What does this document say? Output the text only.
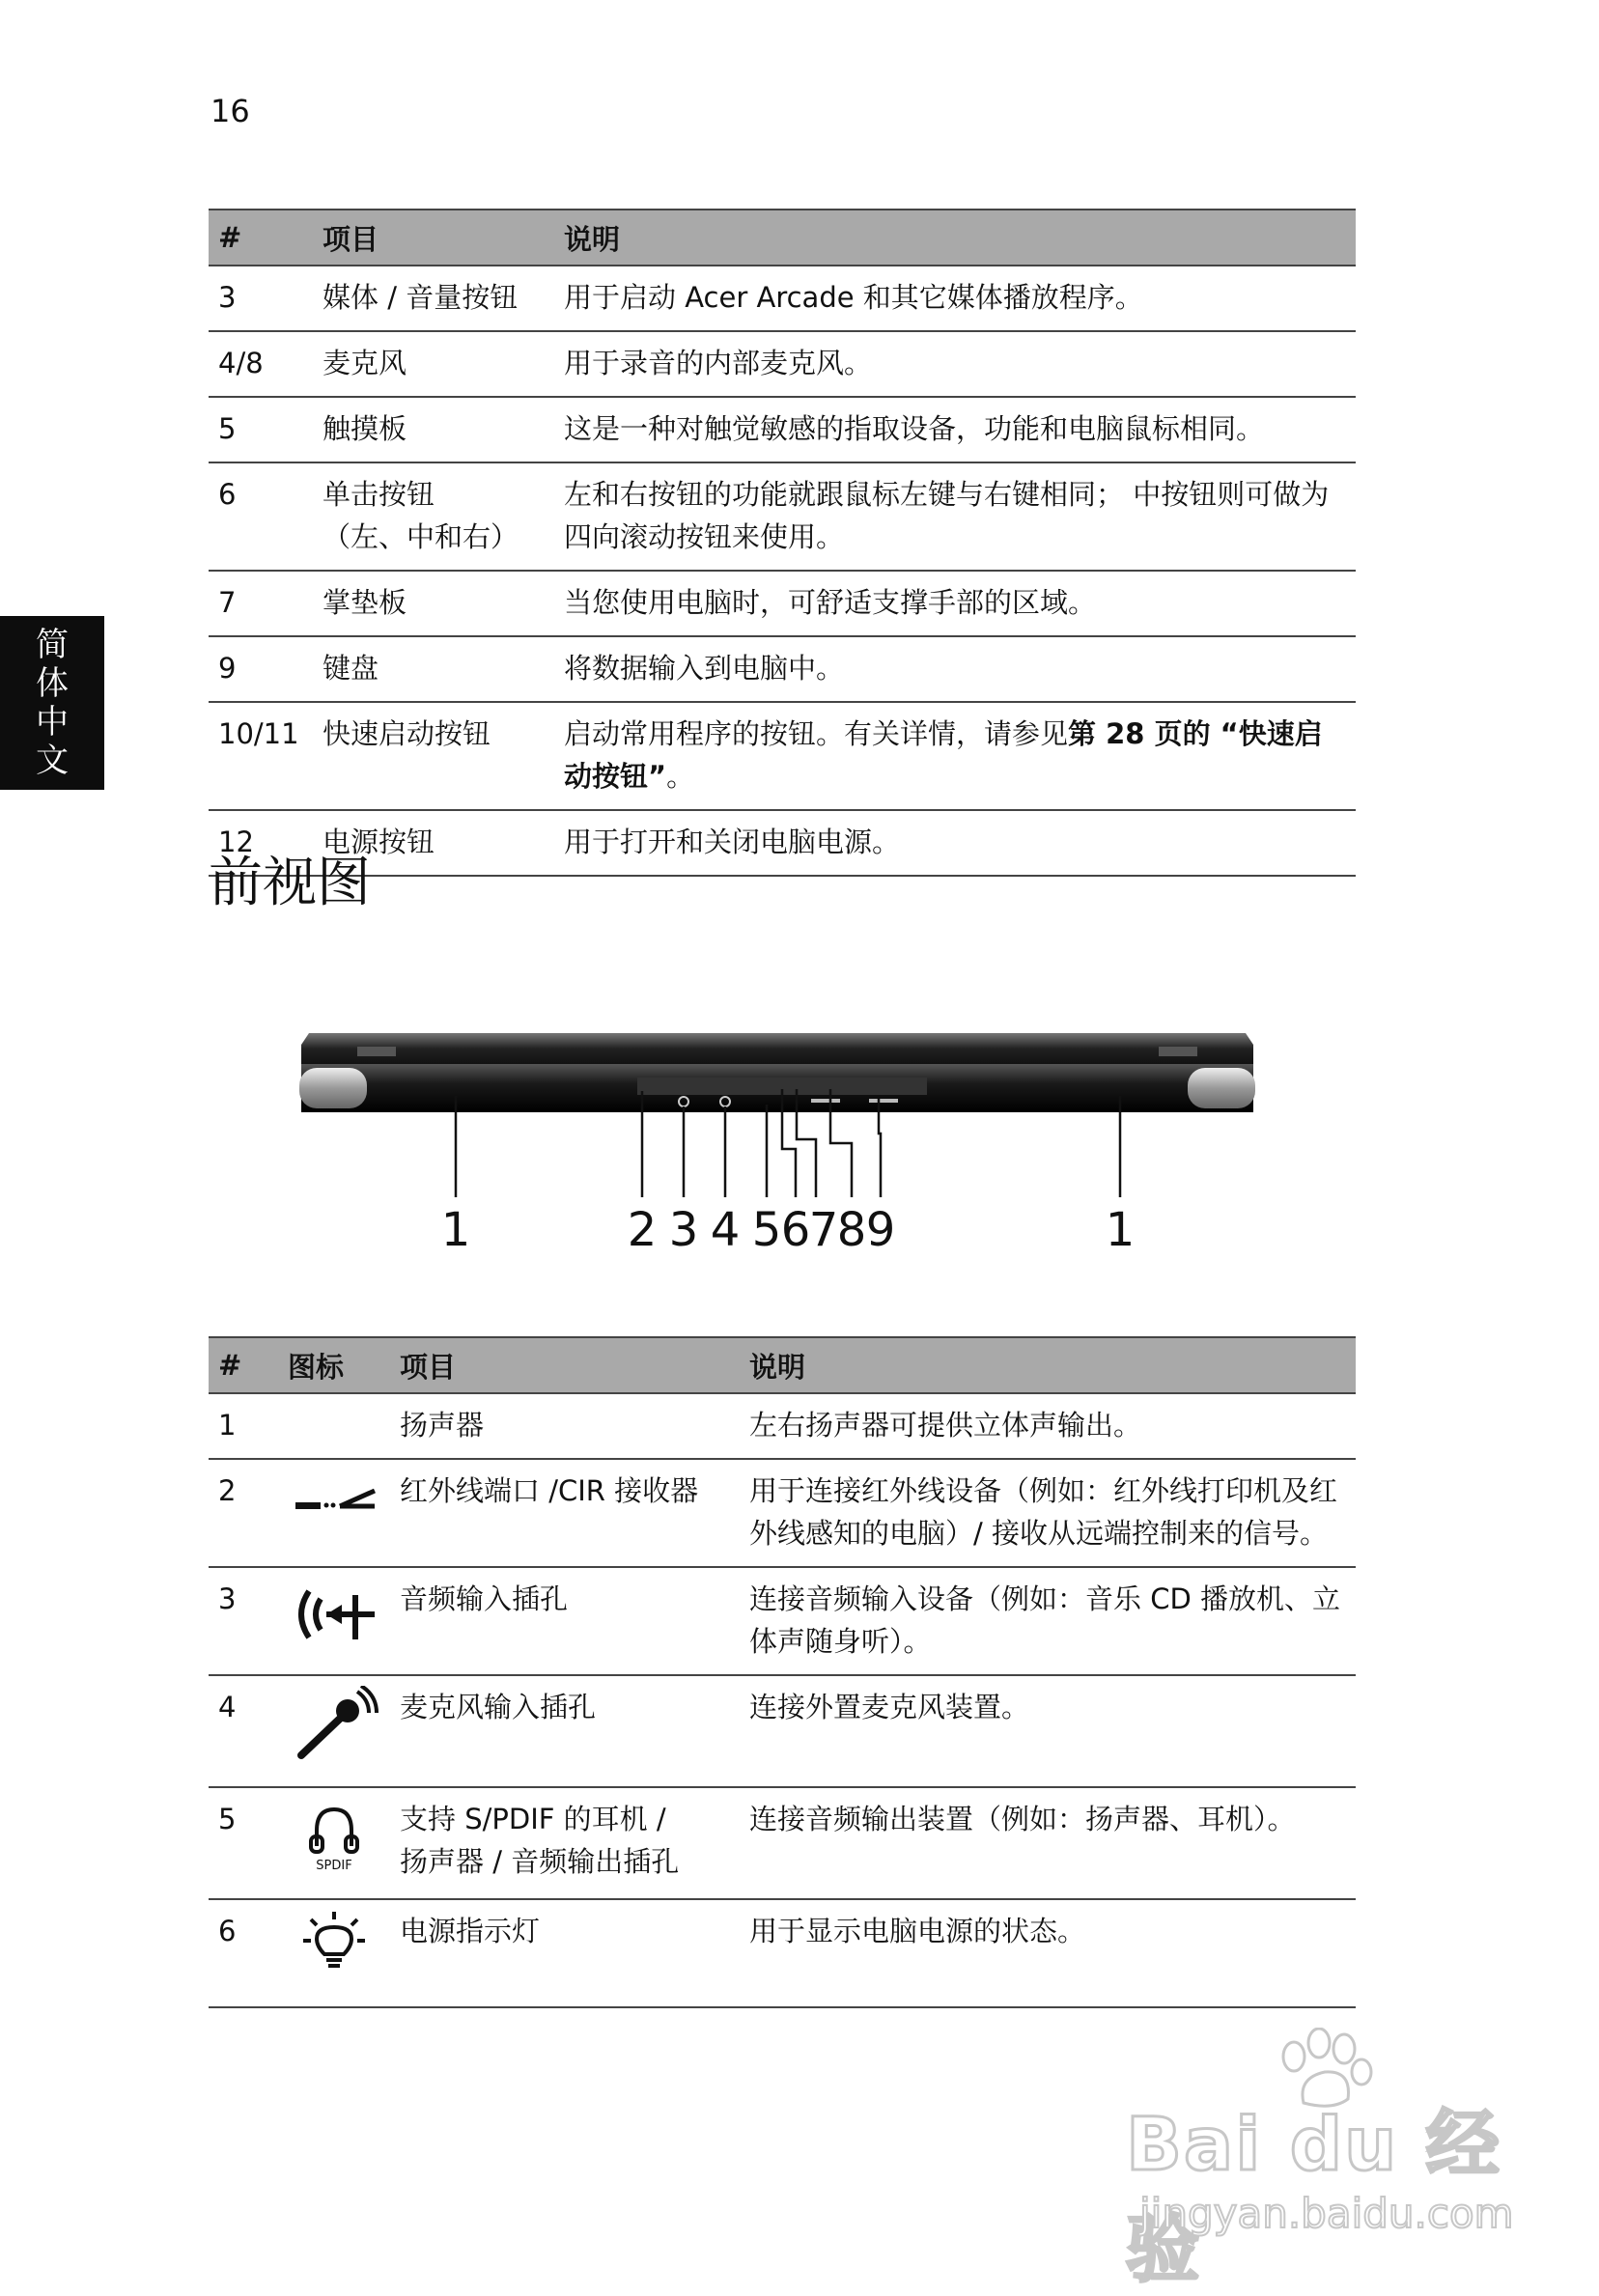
16
简
体
中
文
#	项目	说明
3	媒体 / 音量按钮	用于启动 Acer Arcade 和其它媒体播放程序。
4/8	麦克风	用于录音的内部麦克风。
5	触摸板	这是一种对触觉敏感的指取设备，功能和电脑鼠标相同。
6	单击按钮
（左、中和右）	左和右按钮的功能就跟鼠标左键与右键相同； 中按钮则可做为四向滚动按钮来使用。
7	掌垫板	当您使用电脑时，可舒适支撑手部的区域。
9	键盘	将数据输入到电脑中。
10/11	快速启动按钮	启动常用程序的按钮。有关详情，请参见第 28 页的 “快速启动按钮”。
12	电源按钮	用于打开和关闭电脑电源。
前视图
1	2 3 4 5 6
7
8 9	1
#	图标	项目	说明
1		扬声器	左右扬声器可提供立体声输出。
2		红外线端口 /CIR 接收器	用于连接红外线设备（例如：红外线打印机及红外线感知的电脑）/ 接收从远端控制来的信号。
3		音频输入插孔	连接音频输入设备（例如：音乐 CD 播放机、立体声随身听）。
4		麦克风输入插孔	连接外置麦克风装置。
5	SPDIF	支持 S/PDIF 的耳机 /
扬声器 / 音频输出插孔	连接音频输出装置（例如：扬声器、耳机）。
6		电源指示灯	用于显示电脑电源的状态。
Bai du 经验
jingyan.baidu.com
